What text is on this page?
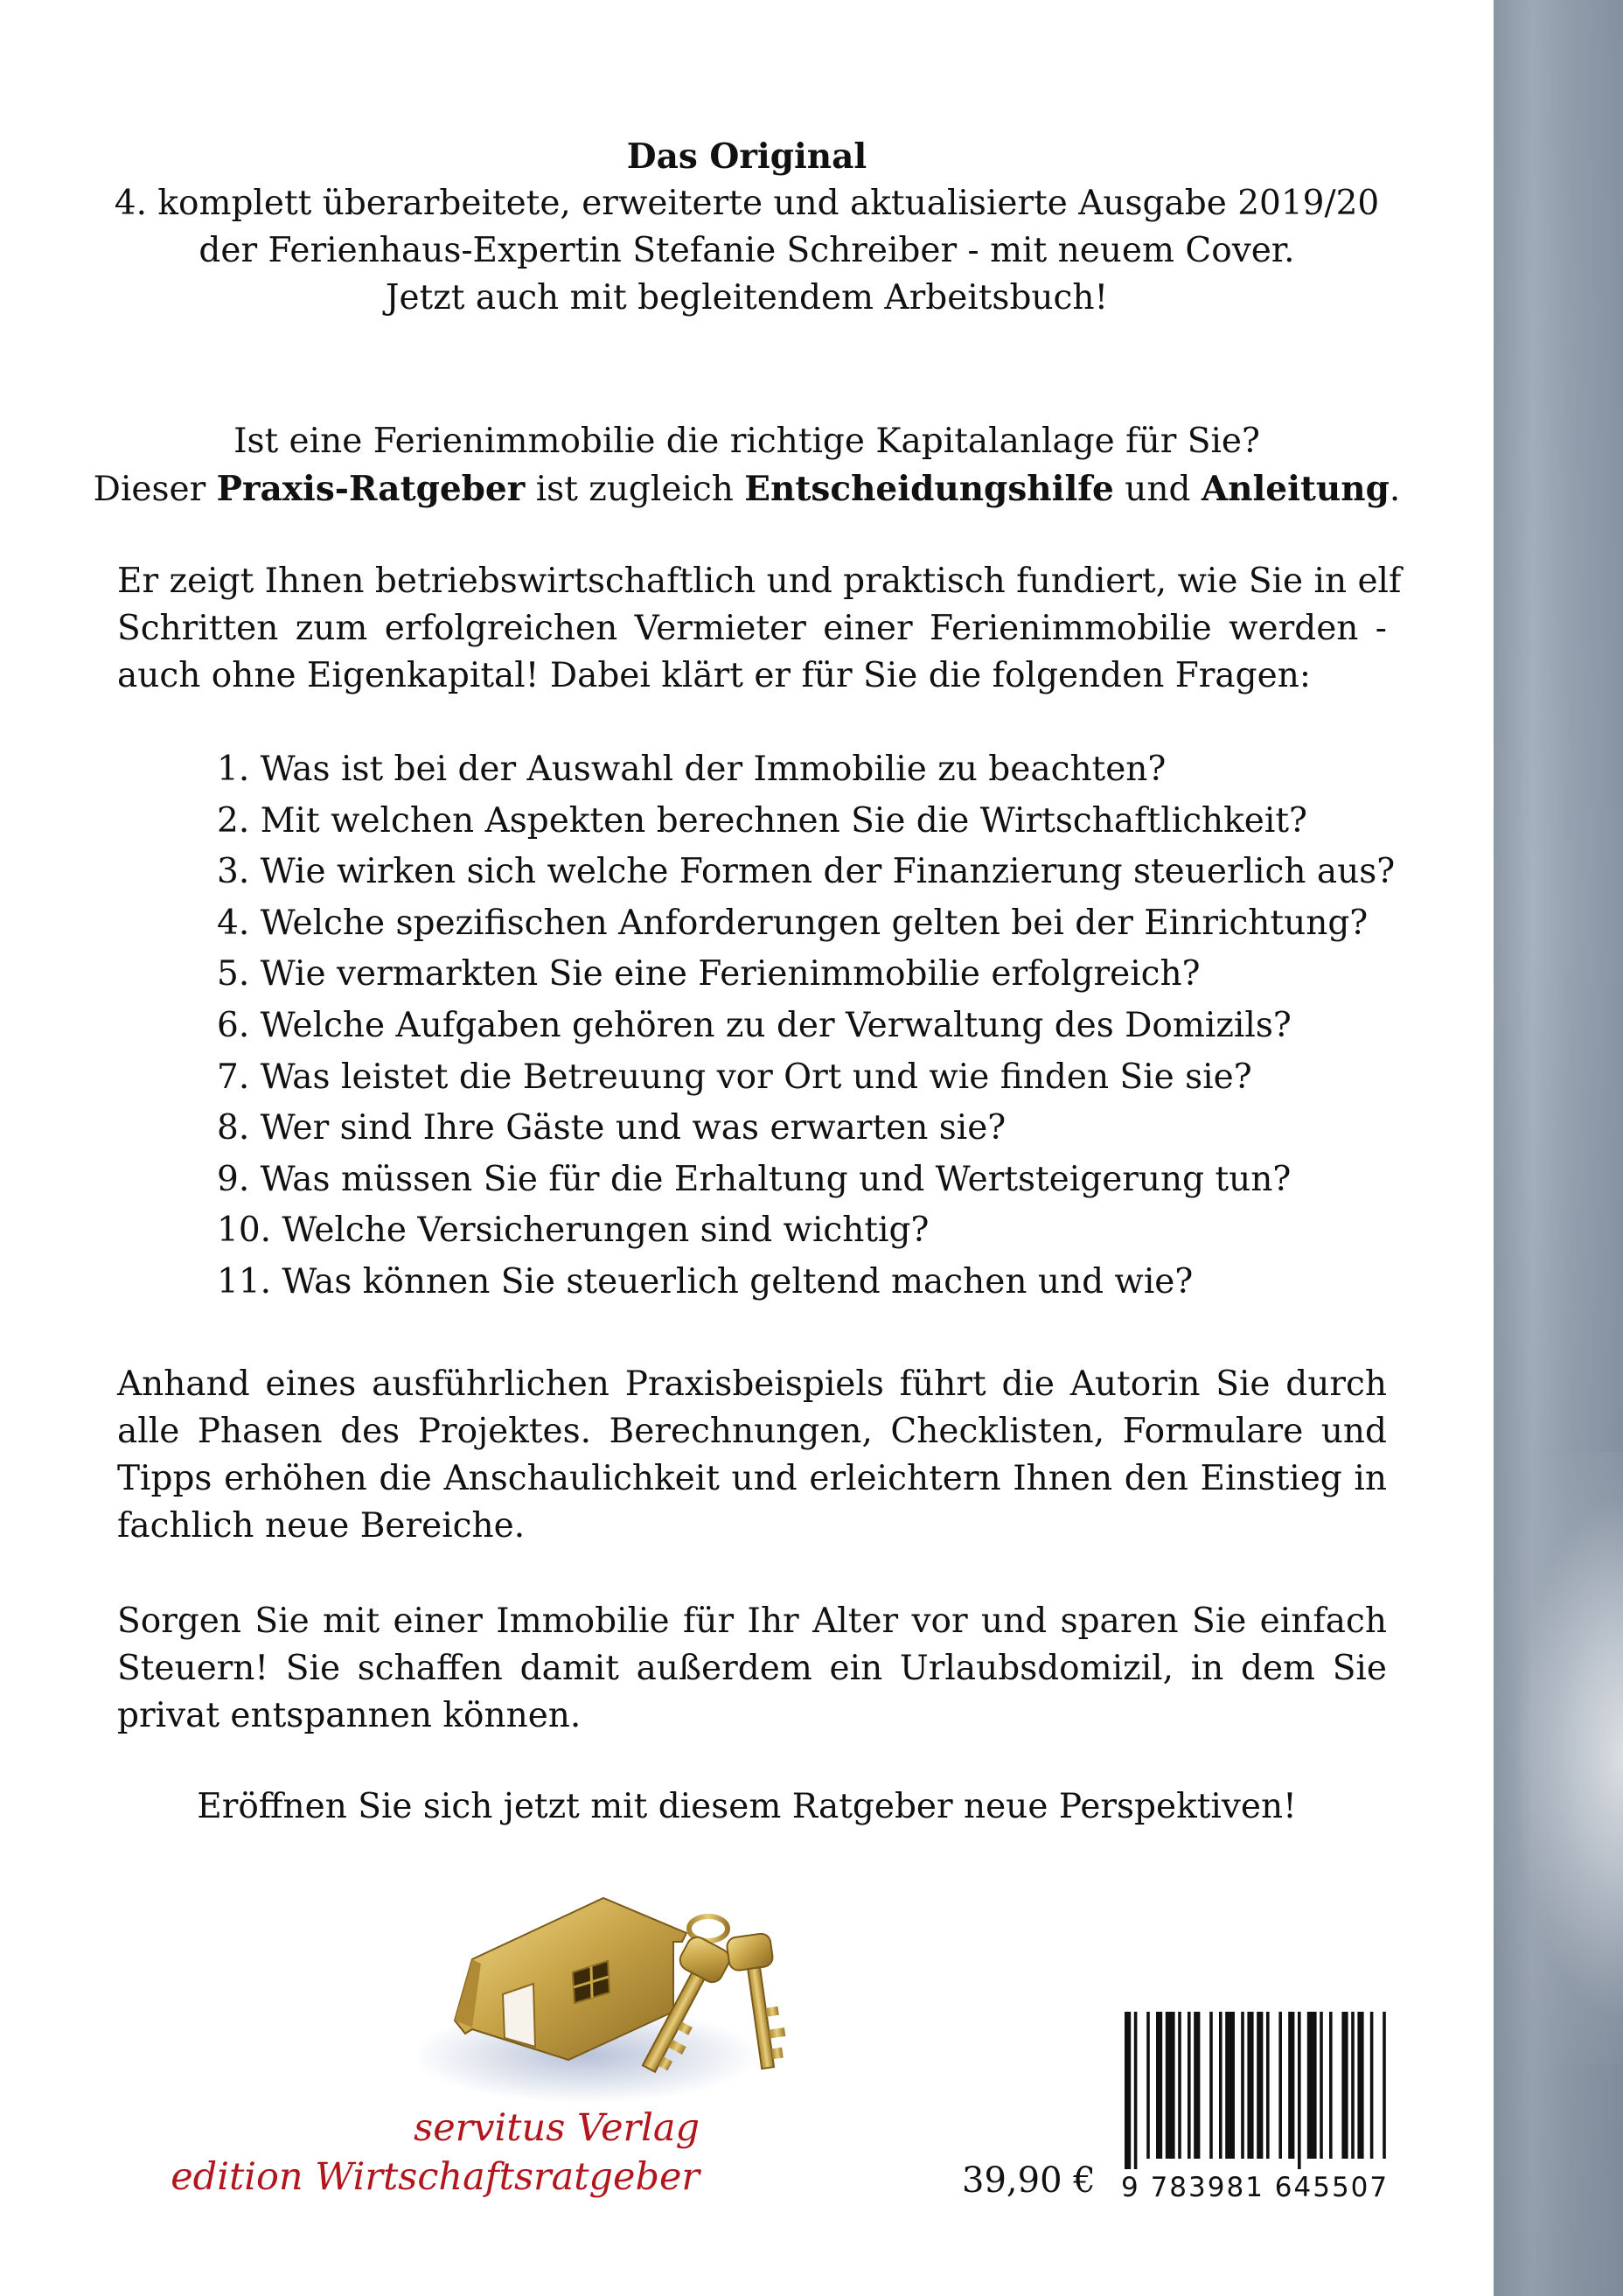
Das Original
4. komplett überarbeitete, erweiterte und aktualisierte Ausgabe 2019/20
der Ferienhaus-Expertin Stefanie Schreiber - mit neuem Cover.
Jetzt auch mit begleitendem Arbeitsbuch!
Ist eine Ferienimmobilie die richtige Kapitalanlage für Sie?
Dieser Praxis-Ratgeber ist zugleich Entscheidungshilfe und Anleitung.
Er zeigt Ihnen betriebswirtschaftlich und praktisch fundiert, wie Sie in elf
Schritten zum erfolgreichen Vermieter einer Ferienimmobilie werden -
auch ohne Eigenkapital! Dabei klärt er für Sie die folgenden Fragen:
1. Was ist bei der Auswahl der Immobilie zu beachten?
2. Mit welchen Aspekten berechnen Sie die Wirtschaftlichkeit?
3. Wie wirken sich welche Formen der Finanzierung steuerlich aus?
4. Welche spezifischen Anforderungen gelten bei der Einrichtung?
5. Wie vermarkten Sie eine Ferienimmobilie erfolgreich?
6. Welche Aufgaben gehören zu der Verwaltung des Domizils?
7. Was leistet die Betreuung vor Ort und wie finden Sie sie?
8. Wer sind Ihre Gäste und was erwarten sie?
9. Was müssen Sie für die Erhaltung und Wertsteigerung tun?
10. Welche Versicherungen sind wichtig?
11. Was können Sie steuerlich geltend machen und wie?
Anhand eines ausführlichen Praxisbeispiels führt die Autorin Sie durch
alle Phasen des Projektes. Berechnungen, Checklisten, Formulare und
Tipps erhöhen die Anschaulichkeit und erleichtern Ihnen den Einstieg in
fachlich neue Bereiche.
Sorgen Sie mit einer Immobilie für Ihr Alter vor und sparen Sie einfach
Steuern! Sie schaffen damit außerdem ein Urlaubsdomizil, in dem Sie
privat entspannen können.
Eröffnen Sie sich jetzt mit diesem Ratgeber neue Perspektiven!
servitus Verlag
edition Wirtschaftsratgeber	39,90 € 9 783981 645507
